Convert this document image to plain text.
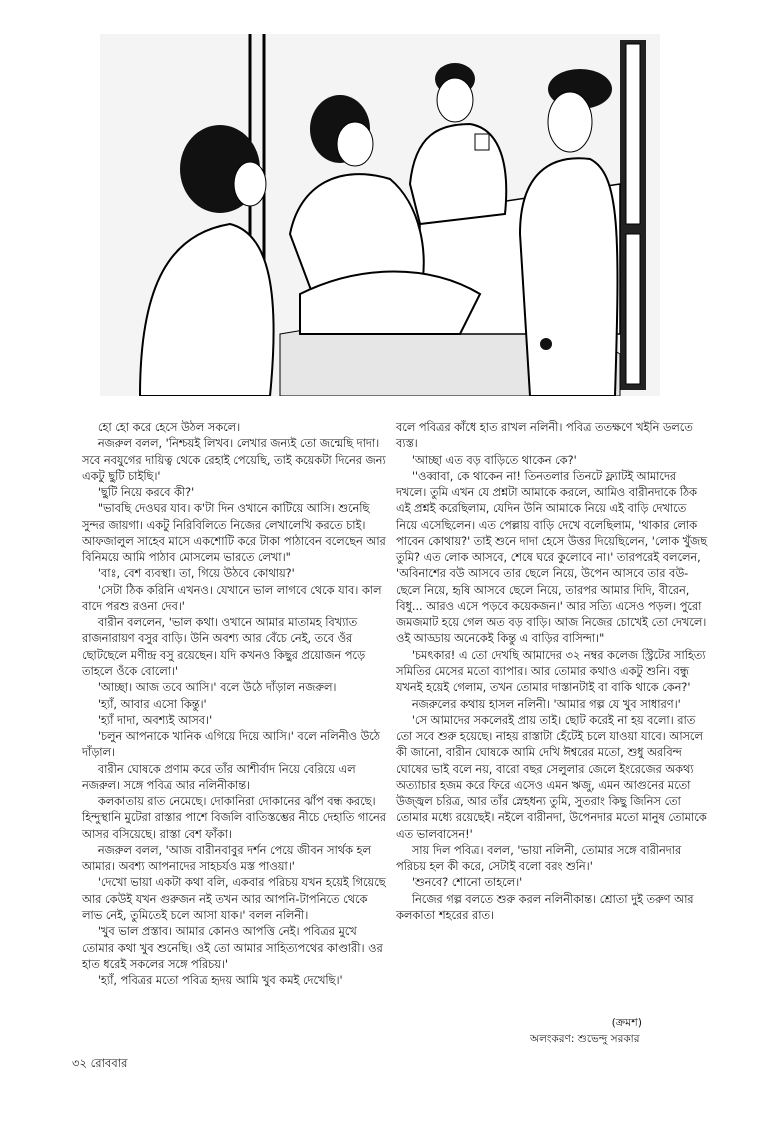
হো হো করে হেসে উঠল সকলে।

নজরুল বলল, 'নিশ্চয়ই লিখব। লেখার জন্যই তো জন্মেছি দাদা। সবে নবযুগের দায়িত্ব থেকে রেহাই পেয়েছি, তাই কয়েকটা দিনের জন্য একটু ছুটি চাইছি।'

'ছুটি নিয়ে করবে কী?'

"ভাবছি দেওঘর যাব। ক'টা দিন ওখানে কাটিয়ে আসি। শুনেছি সুন্দর জায়গা। একটু নিরিবিলিতে নিজের লেখালেখি করতে চাই। আফজালুল সাহেব মাসে একশোটি করে টাকা পাঠাবেন বলেছেন আর বিনিময়ে আমি পাঠাব মোসলেম ভারতে লেখা।"

'বাঃ, বেশ ব্যবস্থা। তা, গিয়ে উঠবে কোথায়?'

'সেটা ঠিক করিনি এখনও। যেখানে ভাল লাগবে থেকে যাব। কাল বাদে পরশু রওনা দেব।'

বারীন বললেন, 'ভাল কথা। ওখানে আমার মাতামহ বিখ্যাত রাজনারায়ণ বসুর বাড়ি। উনি অবশ্য আর বেঁচে নেই, তবে ওঁর ছোটছেলে মণীন্দ্র বসু রয়েছেন। যদি কখনও কিছুর প্রয়োজন পড়ে তাহলে ওঁকে বোলো।'

'আচ্ছা। আজ তবে আসি।' বলে উঠে দাঁড়াল নজরুল।

'হ্যাঁ, আবার এসো কিন্তু।'

'হ্যাঁ দাদা, অবশ্যই আসব।'

'চলুন আপনাকে খানিক এগিয়ে দিয়ে আসি।' বলে নলিনীও উঠে দাঁড়াল।

বারীন ঘোষকে প্রণাম করে তাঁর আশীর্বাদ নিয়ে বেরিয়ে এল নজরুল। সঙ্গে পবিত্র আর নলিনীকান্ত।

কলকাতায় রাত নেমেছে। দোকানিরা দোকানের ঝাঁপ বন্ধ করছে। হিন্দুস্থানি মুটেরা রাস্তার পাশে বিজলি বাতিস্তম্ভের নীচে দেহাতি গানের আসর বসিয়েছে। রাস্তা বেশ ফাঁকা।

নজরুল বলল, 'আজ বারীনবাবুর দর্শন পেয়ে জীবন সার্থক হল আমার। অবশ্য আপনাদের সাহচর্যও মস্ত পাওয়া।'

'দেখো ভায়া একটা কথা বলি, একবার পরিচয় যখন হয়েই গিয়েছে আর কেউই যখন গুরুজন নই তখন আর আপনি-টাপনিতে থেকে লাভ নেই, তুমিতেই চলে আসা যাক।' বলল নলিনী।

'খুব ভাল প্রস্তাব। আমার কোনও আপত্তি নেই। পবিত্রর মুখে তোমার কথা খুব শুনেছি। ওই তো আমার সাহিত্যপথের কাণ্ডারী। ওর হাত ধরেই সকলের সঙ্গে পরিচয়।'

'হ্যাঁ, পবিত্রর মতো পবিত্র হৃদয় আমি খুব কমই দেখেছি।'

বলে পবিত্রর কাঁধে হাত রাখল নলিনী। পবিত্র ততক্ষণে খইনি ডলতে ব্যস্ত।

'আচ্ছা এত বড় বাড়িতে থাকেন কে?'

''ওব্বাবা, কে থাকেন না! তিনতলার তিনটে ফ্ল্যাটই আমাদের দখলে। তুমি এখন যে প্রশ্নটা আমাকে করলে, আমিও বারীনদাকে ঠিক এই প্রশ্নই করেছিলাম, যেদিন উনি আমাকে নিয়ে এই বাড়ি দেখাতে নিয়ে এসেছিলেন। এত পেল্লায় বাড়ি দেখে বলেছিলাম, 'থাকার লোক পাবেন কোথায়?' তাই শুনে দাদা হেসে উত্তর দিয়েছিলেন, 'লোক খুঁজছ তুমি? এত লোক আসবে, শেষে ঘরে কুলোবে না।' তারপরেই বললেন, 'অবিনাশের বউ আসবে তার ছেলে নিয়ে, উপেন আসবে তার বউ-ছেলে নিয়ে, হৃষি আসবে ছেলে নিয়ে, তারপর আমার দিদি, বীরেন, বিধু... আরও এসে পড়বে কয়েকজন।' আর সত্যি এসেও পড়ল। পুরো জমজমাট হয়ে গেল অত বড় বাড়ি। আজ নিজের চোখেই তো দেখলে। ওই আড্ডায় অনেকেই কিন্তু এ বাড়ির বাসিন্দা।"

'চমৎকার! এ তো দেখছি আমাদের ৩২ নম্বর কলেজ স্ট্রিটের সাহিত্য সমিতির মেসের মতো ব্যাপার। আর তোমার কথাও একটু শুনি। বন্ধু যখনই হয়েই গেলাম, তখন তোমার দাস্তানটাই বা বাকি থাকে কেন?'

নজরুলের কথায় হাসল নলিনী। 'আমার গল্প যে খুব সাধারণ।'

'সে আমাদের সকলেরই প্রায় তাই। ছোট করেই না হয় বলো। রাত তো সবে শুরু হয়েছে। নাহয় রাস্তাটা হেঁটেই চলে যাওয়া যাবে। আসলে কী জানো, বারীন ঘোষকে আমি দেখি ঈশ্বরের মতো, শুধু অরবিন্দ ঘোষের ভাই বলে নয়, বারো বছর সেলুলার জেলে ইংরেজের অকথ্য অত্যাচার হজম করে ফিরে এসেও এমন ঋজু, এমন আগুনের মতো উজ্জ্বল চরিত্র, আর তাঁর স্নেহধন্য তুমি, সুতরাং কিছু জিনিস তো তোমার মধ্যে রয়েছেই। নইলে বারীনদা, উপেনদার মতো মানুষ তোমাকে এত ভালবাসেন!'

সায় দিল পবিত্র। বলল, 'ভায়া নলিনী, তোমার সঙ্গে বারীনদার পরিচয় হল কী করে, সেটাই বলো বরং শুনি।'

'শুনবে? শোনো তাহলে।'

নিজের গল্প বলতে শুরু করল নলিনীকান্ত। শ্রোতা দুই তরুণ আর কলকাতা শহরের রাত।

(ক্রমশ)
অলংকরণ: শুভেন্দু সরকার
৩২ রোববার
